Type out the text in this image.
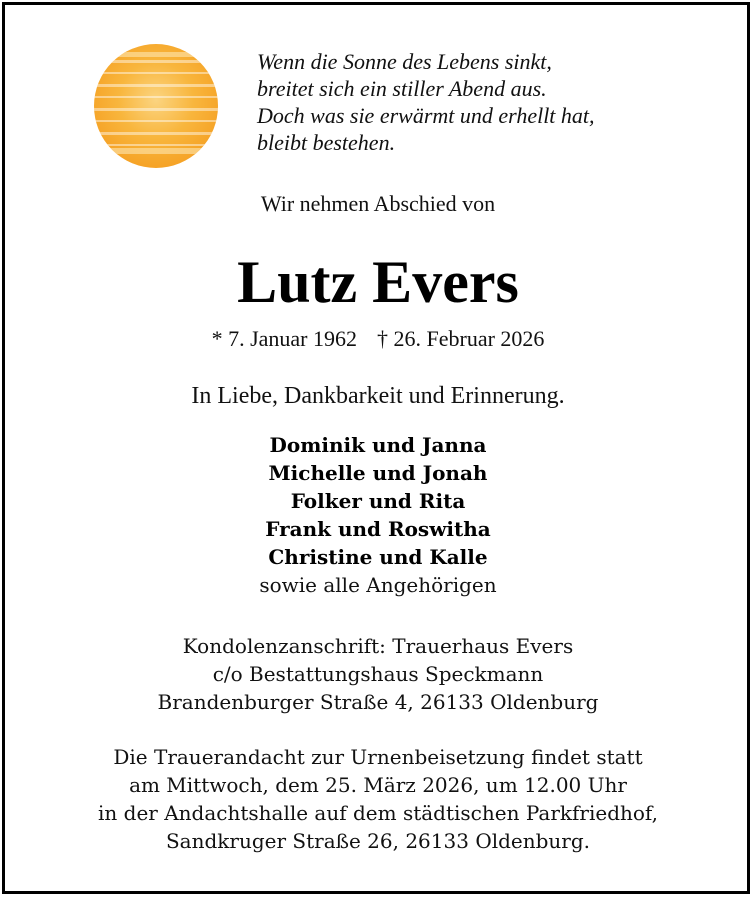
Wenn die Sonne des Lebens sinkt,
breitet sich ein stiller Abend aus.
Doch was sie erwärmt und erhellt hat,
bleibt bestehen.
Wir nehmen Abschied von
Lutz Evers
* 7. Januar 1962 † 26. Februar 2026
In Liebe, Dankbarkeit und Erinnerung.
Dominik und Janna
Michelle und Jonah
Folker und Rita
Frank und Roswitha
Christine und Kalle
sowie alle Angehörigen
Kondolenzanschrift: Trauerhaus Evers
c/o Bestattungshaus Speckmann
Brandenburger Straße 4, 26133 Oldenburg
Die Trauerandacht zur Urnenbeisetzung findet statt
am Mittwoch, dem 25. März 2026, um 12.00 Uhr
in der Andachtshalle auf dem städtischen Parkfriedhof,
Sandkruger Straße 26, 26133 Oldenburg.
